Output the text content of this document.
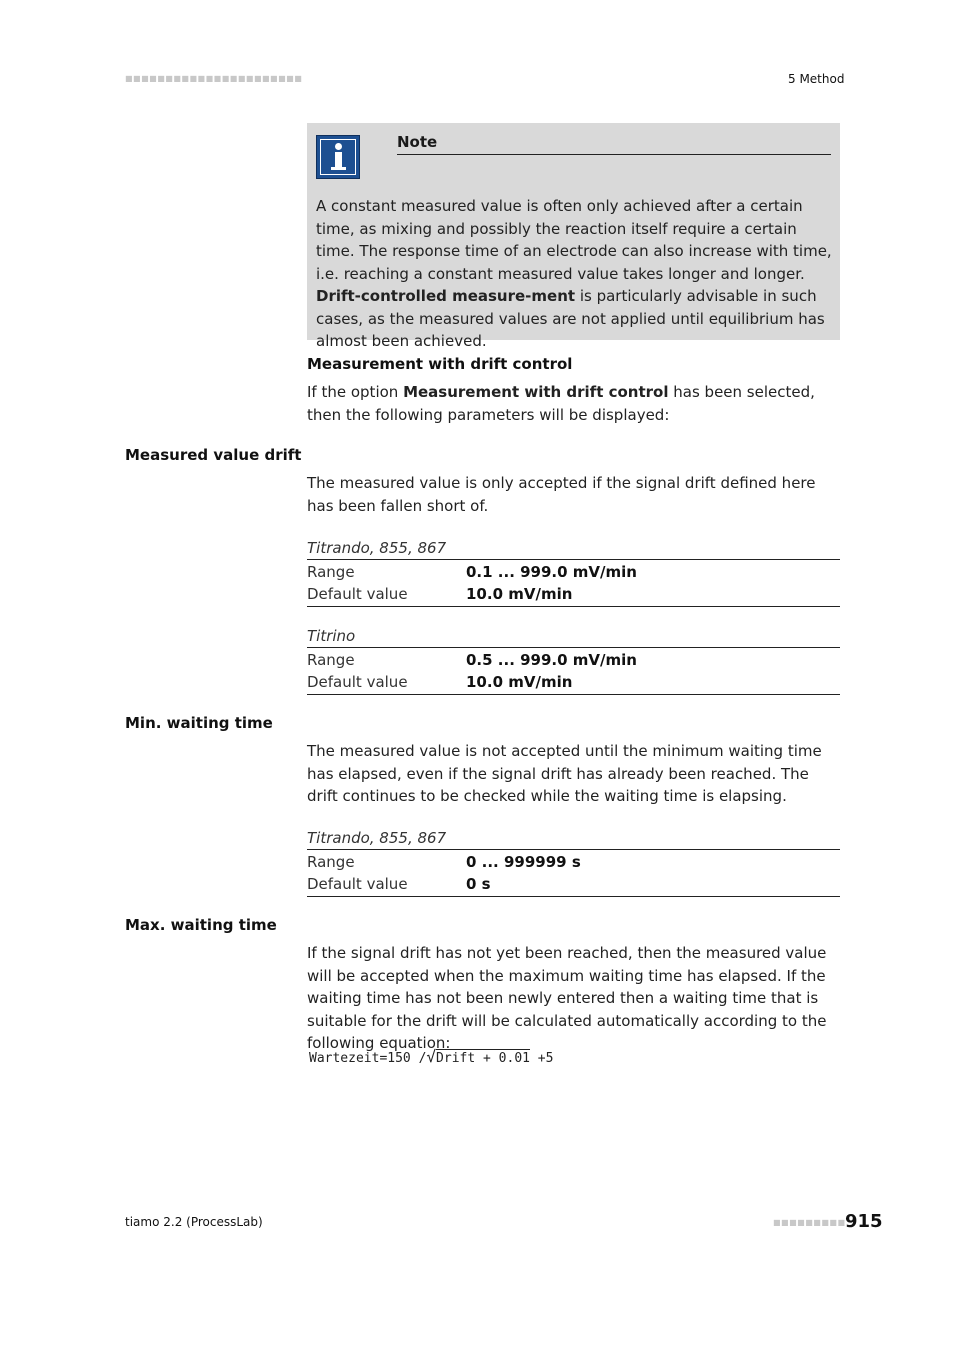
■■■■■■■■■■■■■■■■■■■■■■	5 Method
Note
A constant measured value is often only achieved after a certain time, as mixing and possibly the reaction itself require a certain time. The response time of an electrode can also increase with time, i.e. reaching a constant measured value takes longer and longer. Drift-controlled measure-ment is particularly advisable in such cases, as the measured values are not applied until equilibrium has almost been achieved.
Measurement with drift control
If the option Measurement with drift control has been selected, then the following parameters will be displayed:
Measured value drift
The measured value is only accepted if the signal drift defined here has been fallen short of.
Titrando, 855, 867
Range	0.1 ... 999.0 mV/min
Default value	10.0 mV/min
Titrino
Range	0.5 ... 999.0 mV/min
Default value	10.0 mV/min
Min. waiting time
The measured value is not accepted until the minimum waiting time has elapsed, even if the signal drift has already been reached. The drift continues to be checked while the waiting time is elapsing.
Titrando, 855, 867
Range	0 ... 999999 s
Default value	0 s
Max. waiting time
If the signal drift has not yet been reached, then the measured value will be accepted when the maximum waiting time has elapsed. If the waiting time has not been newly entered then a waiting time that is suitable for the drift will be calculated automatically according to the following equation:
Wartezeit=150 /√Drift + 0.01 +5
tiamo 2.2 (ProcessLab)	■■■■■■■■■ 915
